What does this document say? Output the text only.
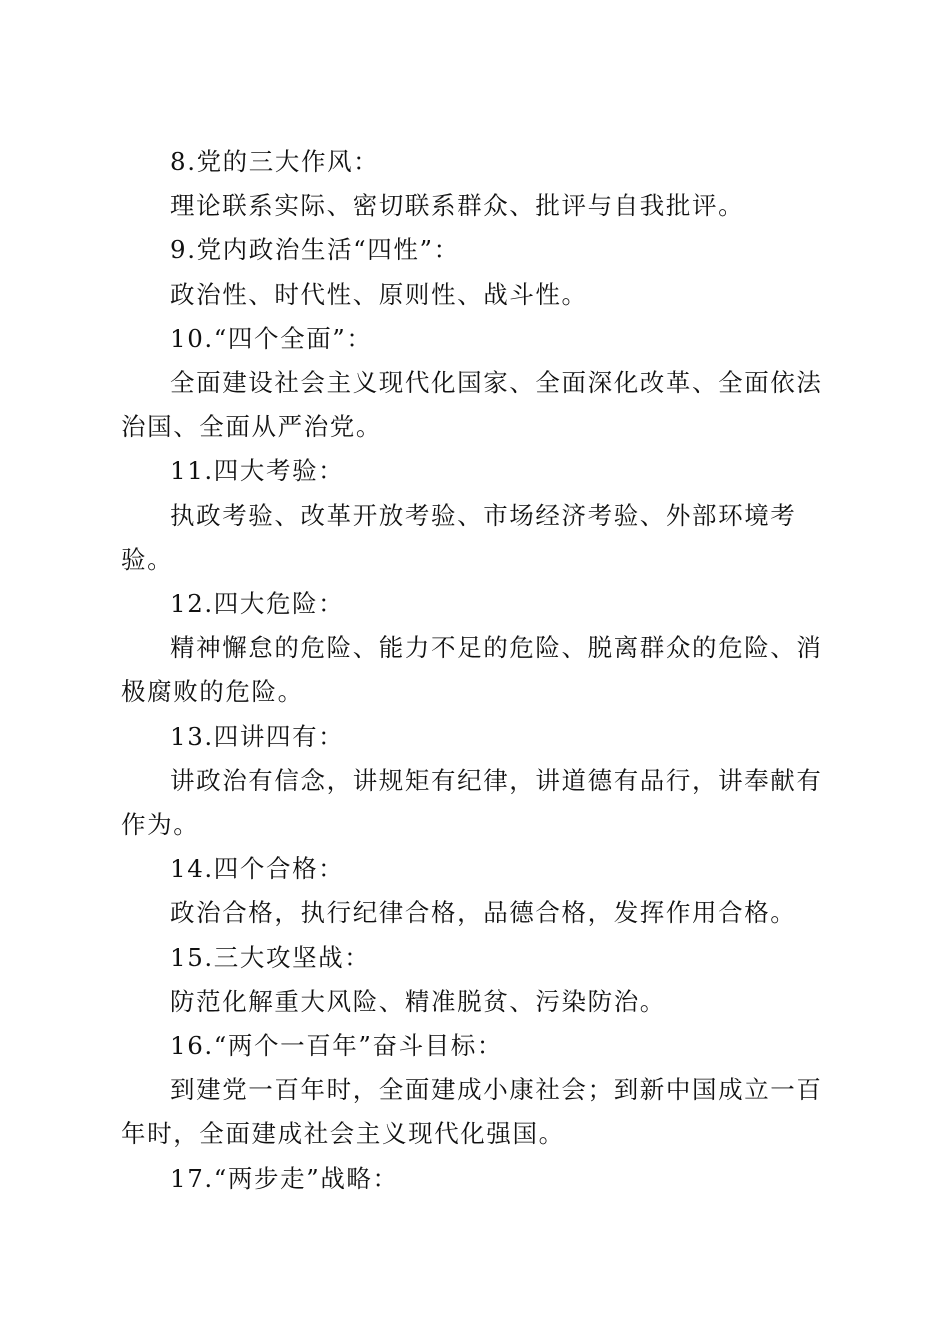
8.党的三大作风：

理论联系实际、密切联系群众、批评与自我批评。

9.党内政治生活“四性”：

政治性、时代性、原则性、战斗性。

10.“四个全面”：

全面建设社会主义现代化国家、全面深化改革、全面依法治国、全面从严治党。

11.四大考验：

执政考验、改革开放考验、市场经济考验、外部环境考验。

12.四大危险：

精神懈怠的危险、能力不足的危险、脱离群众的危险、消极腐败的危险。

13.四讲四有：

讲政治有信念，讲规矩有纪律，讲道德有品行，讲奉献有作为。

14.四个合格：

政治合格，执行纪律合格，品德合格，发挥作用合格。

15.三大攻坚战：

防范化解重大风险、精准脱贫、污染防治。

16.“两个一百年”奋斗目标：

到建党一百年时，全面建成小康社会；到新中国成立一百年时，全面建成社会主义现代化强国。

17.“两步走”战略：
